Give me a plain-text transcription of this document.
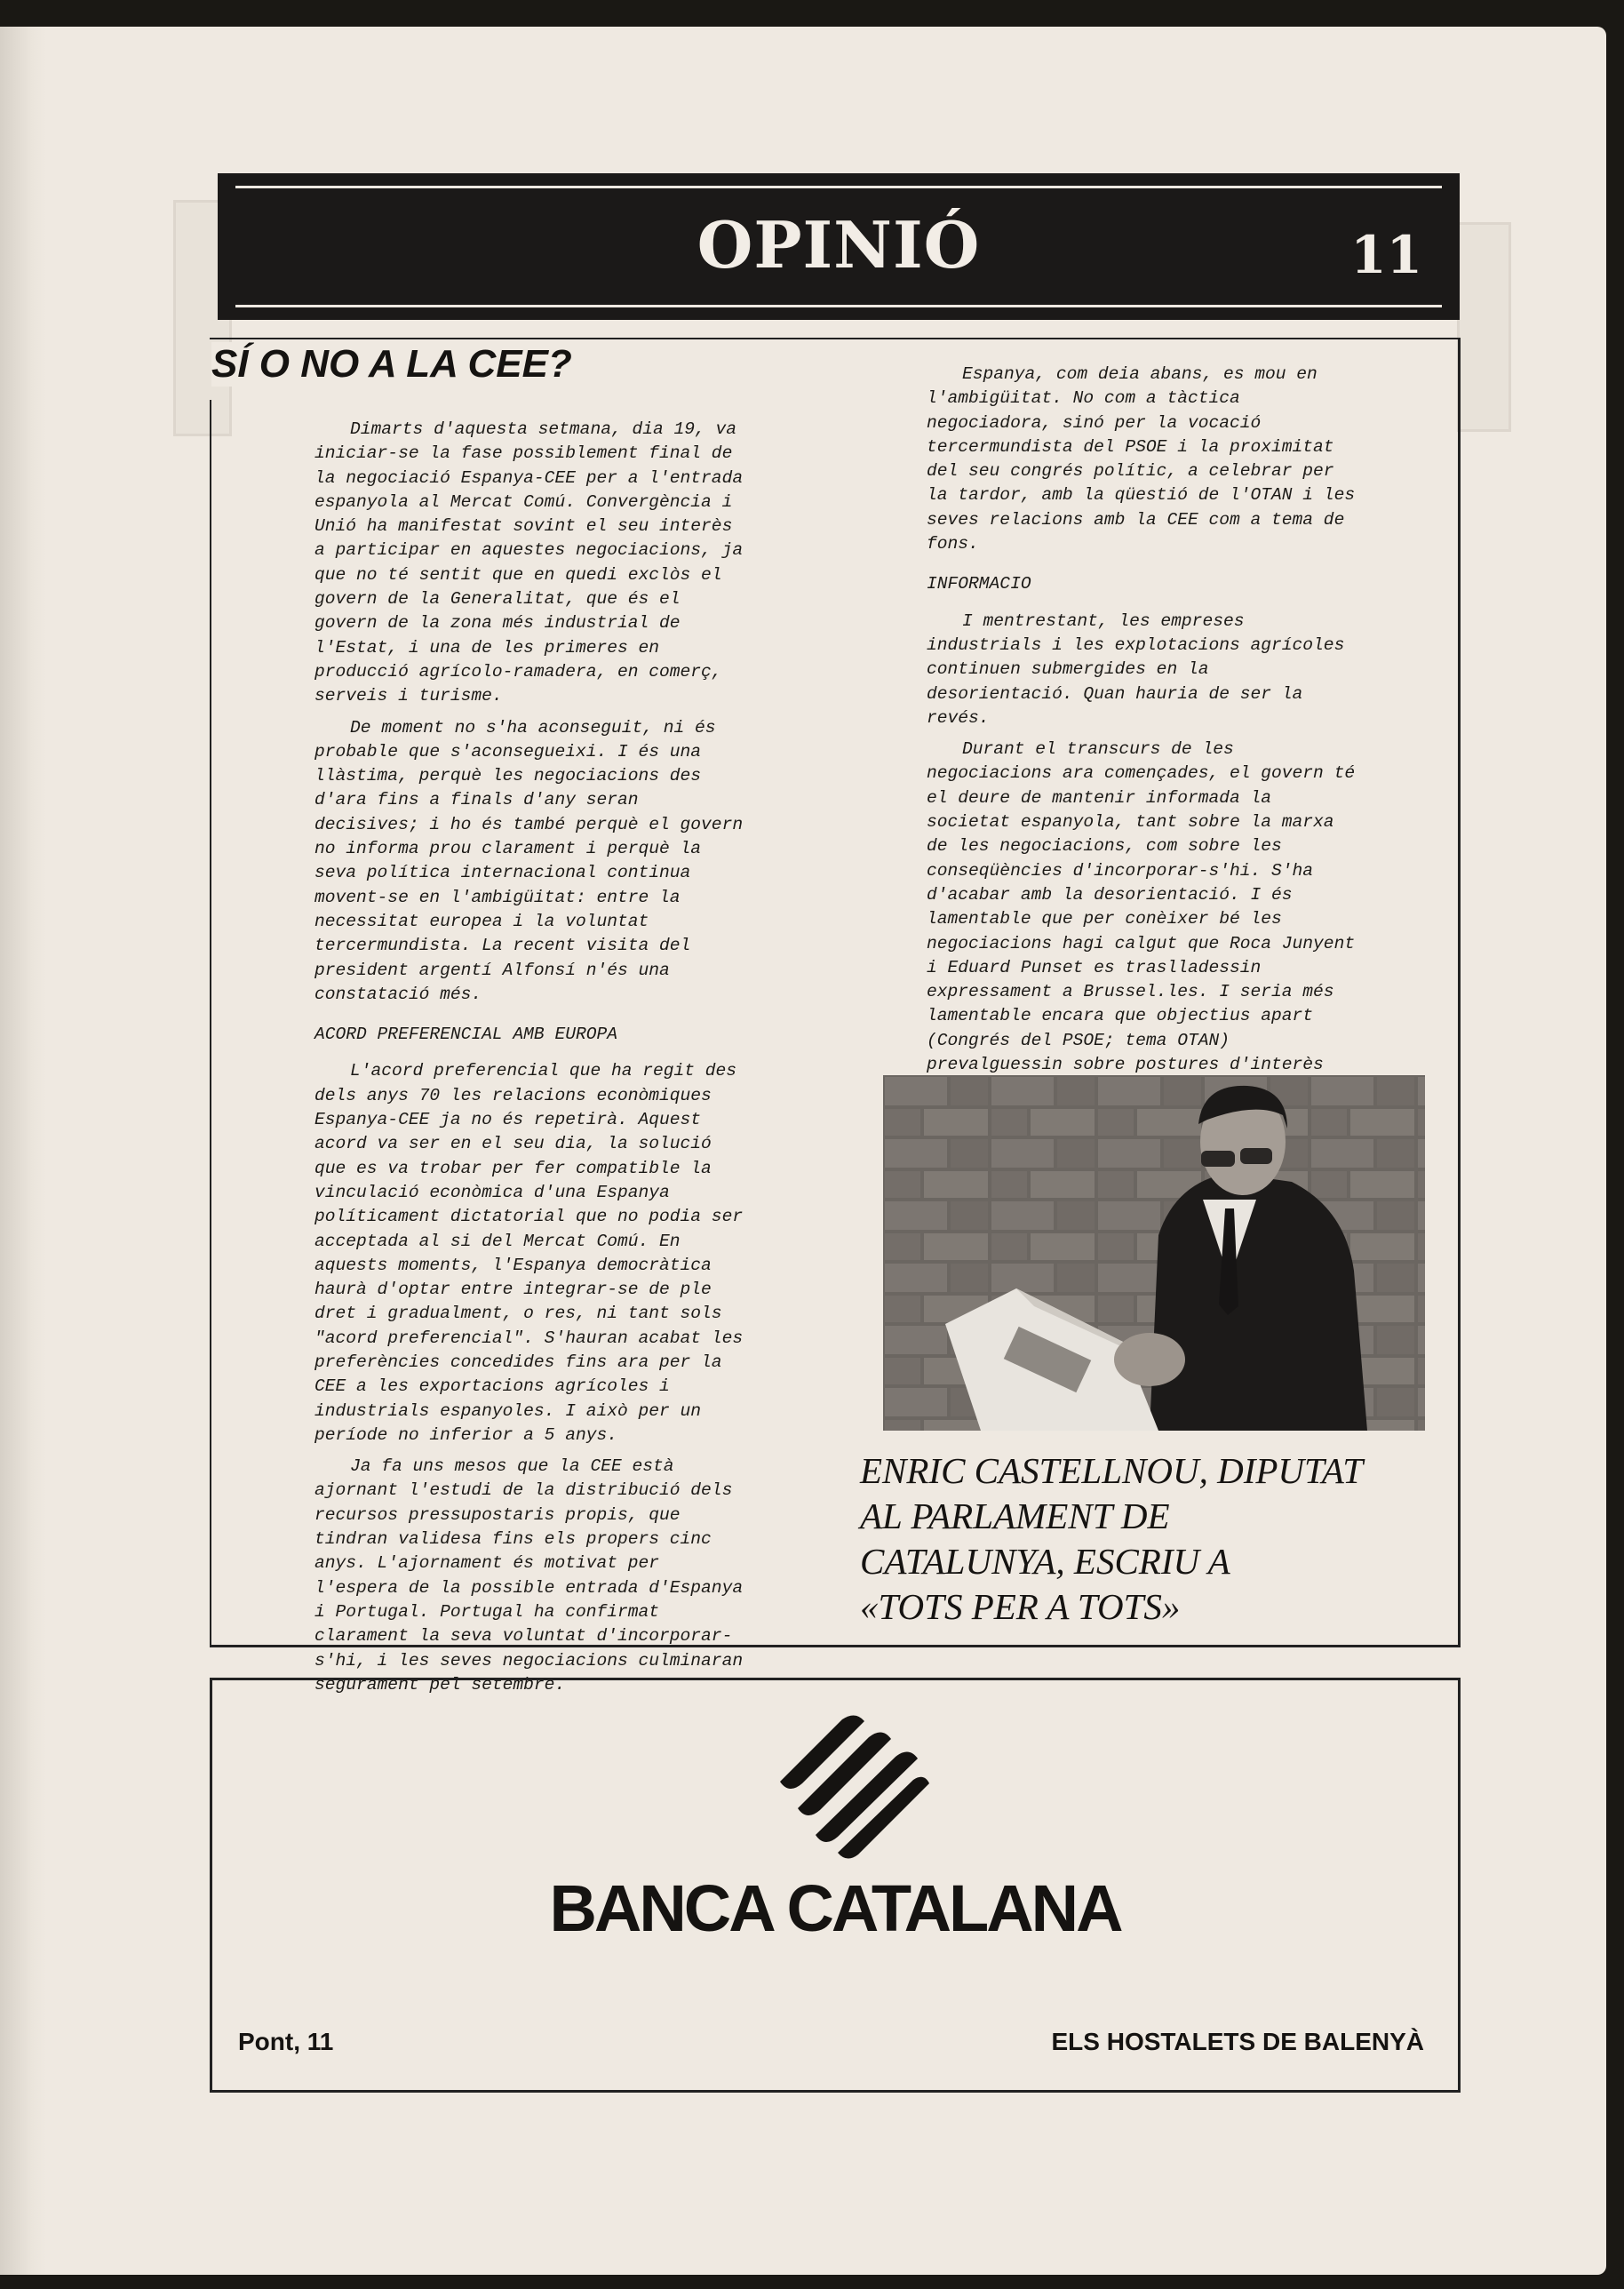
OPINIÓ	11
SÍ O NO A LA CEE?

Dimarts d'aquesta setmana, dia 19, va iniciar-se la fase possiblement final de la negociació Espanya-CEE per a l'entrada espanyola al Mercat Comú. Convergència i Unió ha manifestat sovint el seu interès a participar en aquestes negociacions, ja que no té sentit que en quedi exclòs el govern de la Generalitat, que és el govern de la zona més industrial de l'Estat, i una de les primeres en producció agrícolo-ramadera, en comerç, serveis i turisme.

De moment no s'ha aconseguit, ni és probable que s'aconsegueixi. I és una llàstima, perquè les negociacions des d'ara fins a finals d'any seran decisives; i ho és també perquè el govern no informa prou clarament i perquè la seva política internacional continua movent-se en l'ambigüitat: entre la necessitat europea i la voluntat tercermundista. La recent visita del president argentí Alfonsí n'és una constatació més.

ACORD PREFERENCIAL AMB EUROPA

L'acord preferencial que ha regit des dels anys 70 les relacions econòmiques Espanya-CEE ja no és repetirà. Aquest acord va ser en el seu dia, la solució que es va trobar per fer compatible la vinculació econòmica d'una Espanya políticament dictatorial que no podia ser acceptada al si del Mercat Comú. En aquests moments, l'Espanya democràtica haurà d'optar entre integrar-se de ple dret i gradualment, o res, ni tant sols "acord preferencial". S'hauran acabat les preferències concedides fins ara per la CEE a les exportacions agrícoles i industrials espanyoles. I això per un període no inferior a 5 anys.

Ja fa uns mesos que la CEE està ajornant l'estudi de la distribució dels recursos pressupostaris propis, que tindran validesa fins els propers cinc anys. L'ajornament és motivat per l'espera de la possible entrada d'Espanya i Portugal. Portugal ha confirmat clarament la seva voluntat d'incorporar-s'hi, i les seves negociacions culminaran segurament pel setembre.

Espanya, com deia abans, es mou en l'ambigüitat. No com a tàctica negociadora, sinó per la vocació tercermundista del PSOE i la proximitat del seu congrés polític, a celebrar per la tardor, amb la qüestió de l'OTAN i les seves relacions amb la CEE com a tema de fons.

INFORMACIO

I mentrestant, les empreses industrials i les explotacions agrícoles continuen submergides en la desorientació. Quan hauria de ser la revés.

Durant el transcurs de les negociacions ara començades, el govern té el deure de mantenir informada la societat espanyola, tant sobre la marxa de les negociacions, com sobre les conseqüències d'incorporar-s'hi. S'ha d'acabar amb la desorientació. I és lamentable que per conèixer bé les negociacions hagi calgut que Roca Junyent i Eduard Punset es traslladessin expressament a Brussel.les. I seria més lamentable encara que objectius apart (Congrés del PSOE; tema OTAN) prevalguessin sobre postures d'interès

ENRIC CASTELLNOU, DIPUTAT
AL PARLAMENT DE
CATALUNYA, ESCRIU A
«TOTS PER A TOTS»
BANCA CATALANA
Pont, 11	ELS HOSTALETS DE BALENYÀ
